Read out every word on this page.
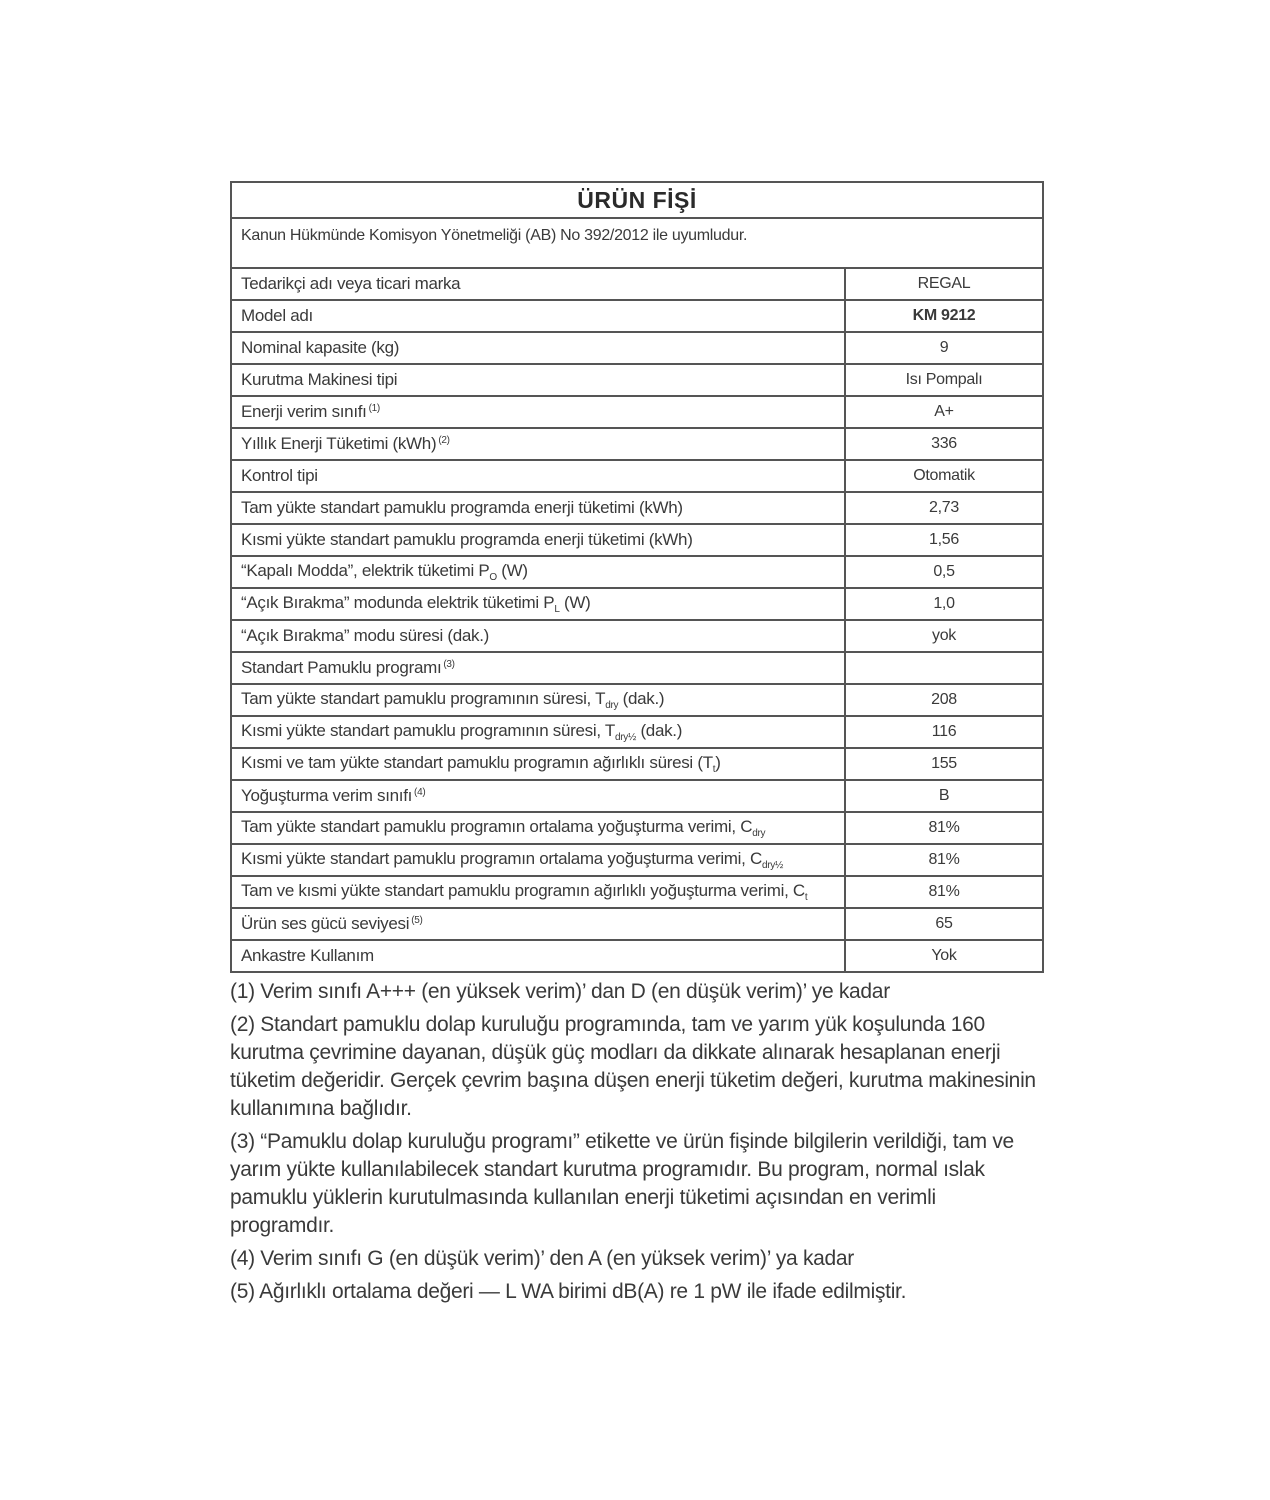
ÜRÜN FİŞİ	
Kanun Hükmünde Komisyon Yönetmeliği (AB) No 392/2012 ile uyumludur.	
Tedarikçi adı veya ticari marka	REGAL
Model adı	KM 9212
Nominal kapasite (kg)	9
Kurutma Makinesi tipi	Isı Pompalı
Enerji verim sınıfı $^{(1)}$	A+
Yıllık Enerji Tüketimi (kWh) $^{(2)}$	336
Kontrol tipi	Otomatik
Tam yükte standart pamuklu programda enerji tüketimi (kWh)	2,73
Kısmi yükte standart pamuklu programda enerji tüketimi (kWh)	1,56
“Kapalı Modda”, elektrik tüketimi $P_O$ (W)	0,5
“Açık Bırakma” modunda elektrik tüketimi $P_L$ (W)	1,0
“Açık Bırakma” modu süresi (dak.)	yok
Standart Pamuklu programı $^{(3)}$	
Tam yükte standart pamuklu programının süresi, $T_{dry}$ (dak.)	208
Kısmi yükte standart pamuklu programının süresi, $T_{dry\frac{1}{2}}$ (dak.)	116
Kısmi ve tam yükte standart pamuklu programın ağırlıklı süresi $(T_t)$	155
Yoğuşturma verim sınıfı $^{(4)}$	B
Tam yükte standart pamuklu programın ortalama yoğuşturma verimi, $C_{dry}$	81%
Kısmi yükte standart pamuklu programın ortalama yoğuşturma verimi, $C_{dry\frac{1}{2}}$	81%
Tam ve kısmi yükte standart pamuklu programın ağırlıklı yoğuşturma verimi, $C_t$	81%
Ürün ses gücü seviyesi $^{(5)}$	65
Ankastre Kullanım	Yok

(1) Verim sınıfı A+++ (en yüksek verim)’ dan D (en düşük verim)’ ye kadar

(2) Standart pamuklu dolap kuruluğu programında, tam ve yarım yük koşulunda 160 kurutma çevrimine dayanan, düşük güç modları da dikkate alınarak hesaplanan enerji tüketim değeridir. Gerçek çevrim başına düşen enerji tüketim değeri, kurutma makinesinin kullanımına bağlıdır.

(3) “Pamuklu dolap kuruluğu programı” etikette ve ürün fişinde bilgilerin verildiği, tam ve yarım yükte kullanılabilecek standart kurutma programıdır. Bu program, normal ıslak pamuklu yüklerin kurutulmasında kullanılan enerji tüketimi açısından en verimli programdır.

(4) Verim sınıfı G (en düşük verim)’ den A (en yüksek verim)’ ya kadar

(5) Ağırlıklı ortalama değeri — L WA birimi dB(A) re 1 pW ile ifade edilmiştir.
